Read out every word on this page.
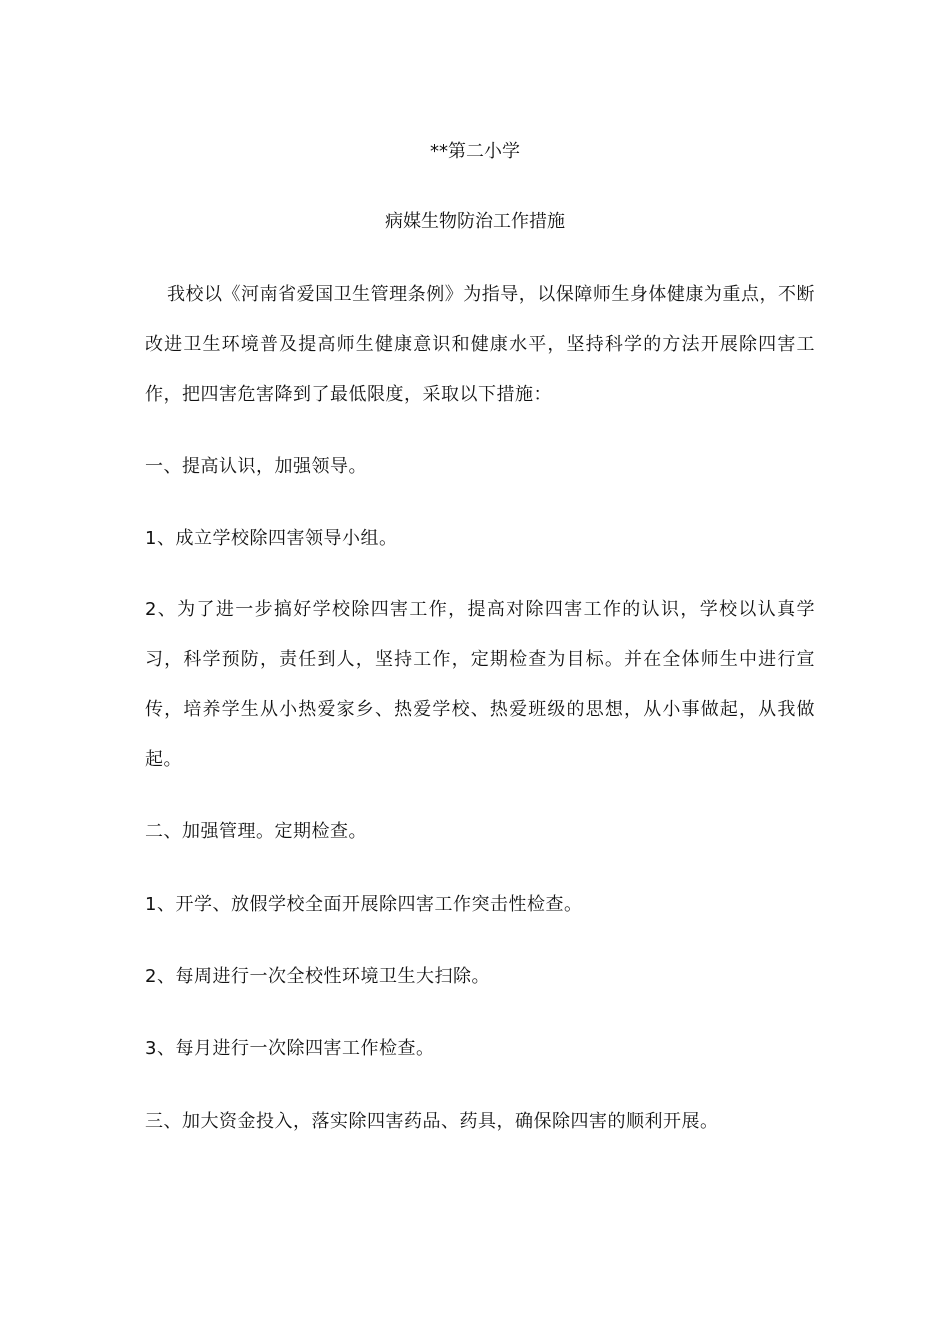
**第二小学
病媒生物防治工作措施

我校以《河南省爱国卫生管理条例》为指导，以保障师生身体健康为重点，不断改进卫生环境普及提高师生健康意识和健康水平，坚持科学的方法开展除四害工作，把四害危害降到了最低限度，采取以下措施：

一、提高认识，加强领导。
1、成立学校除四害领导小组。

2、为了进一步搞好学校除四害工作，提高对除四害工作的认识，学校以认真学习，科学预防，责任到人，坚持工作，定期检查为目标。并在全体师生中进行宣传，培养学生从小热爱家乡、热爱学校、热爱班级的思想，从小事做起，从我做起。

二、加强管理。定期检查。
1、开学、放假学校全面开展除四害工作突击性检查。
2、每周进行一次全校性环境卫生大扫除。
3、每月进行一次除四害工作检查。
三、加大资金投入，落实除四害药品、药具，确保除四害的顺利开展。
